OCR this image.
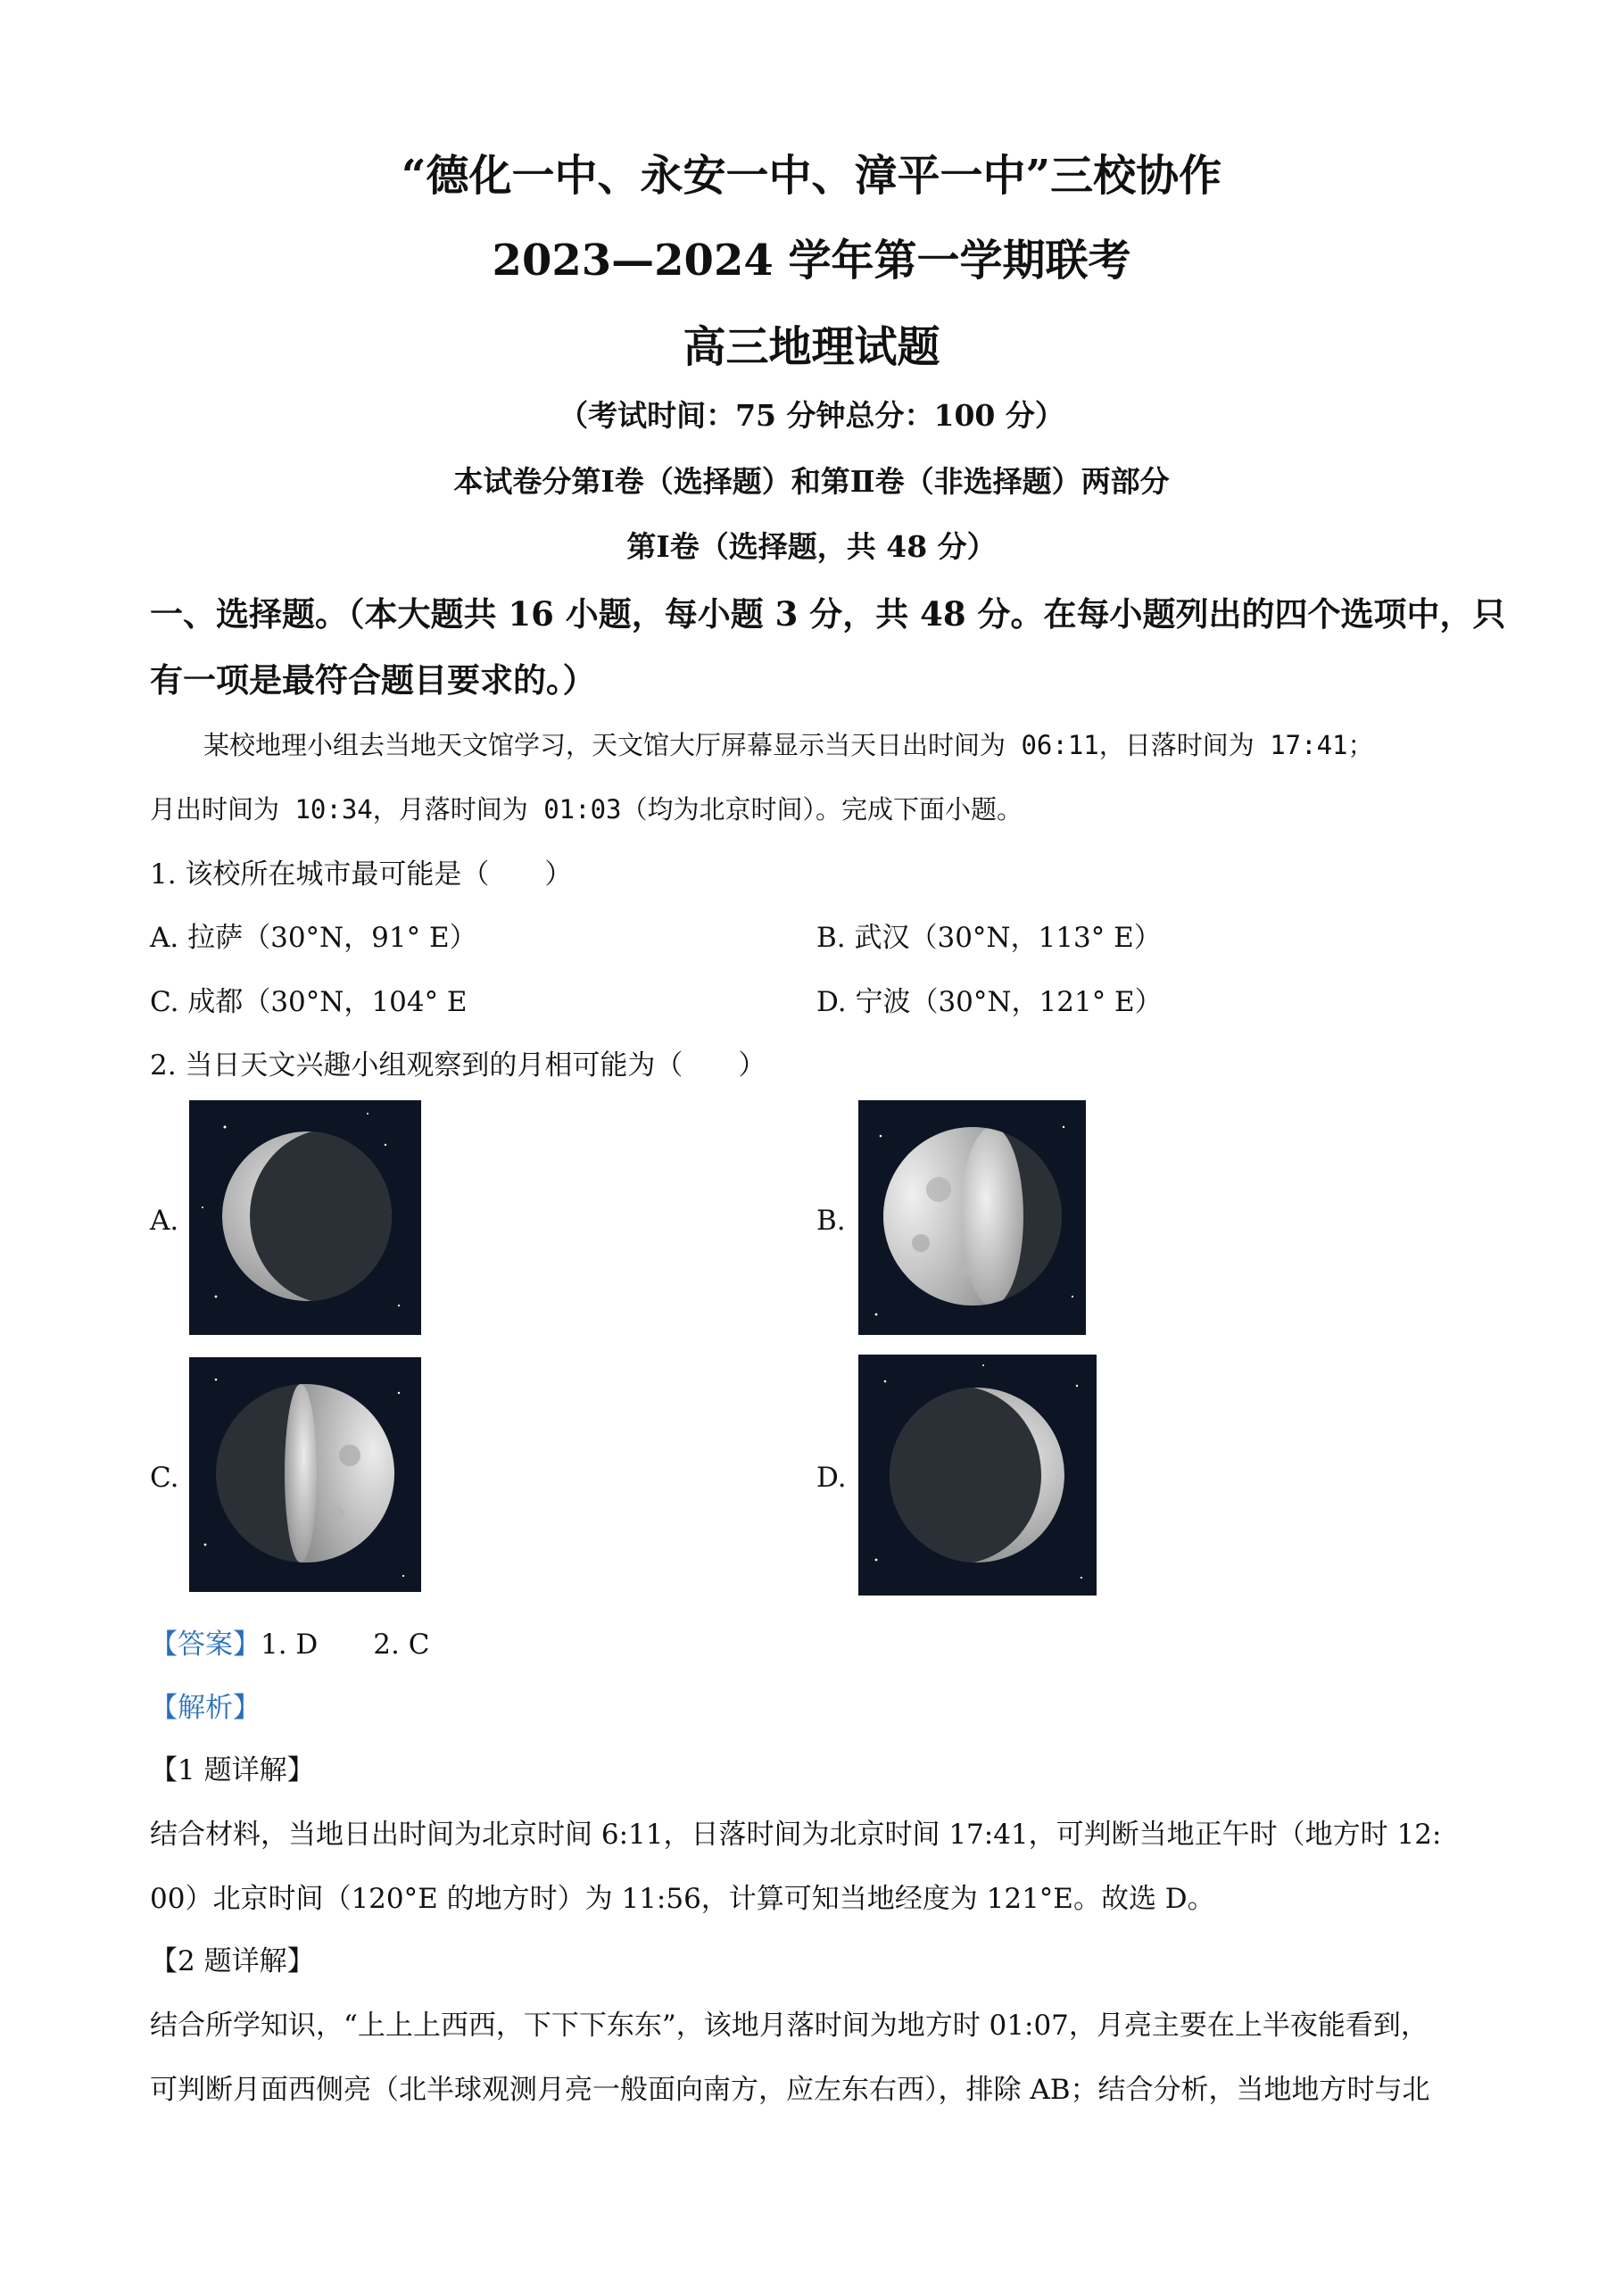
“德化一中、永安一中、漳平一中”三校协作
2023—2024 学年第一学期联考
高三地理试题
（考试时间：75 分钟总分：100 分）
本试卷分第Ⅰ卷（选择题）和第Ⅱ卷（非选择题）两部分
第Ⅰ卷（选择题，共 48 分）
一、选择题。（本大题共 16 小题，每小题 3 分，共 48 分。在每小题列出的四个选项中，只
有一项是最符合题目要求的。）
某校地理小组去当地天文馆学习，天文馆大厅屏幕显示当天日出时间为 06:11，日落时间为 17:41；
月出时间为 10:34，月落时间为 01:03（均为北京时间）。完成下面小题。
1. 该校所在城市最可能是（　　）
A. 拉萨（30°N，91° E）	B. 武汉（30°N，113° E）
C. 成都（30°N，104° E	D. 宁波（30°N，121° E）
2. 当日天文兴趣小组观察到的月相可能为（　　）
A.	B.
C.	D.
【答案】1. D　　2. C
【解析】
【1 题详解】
结合材料，当地日出时间为北京时间 6:11，日落时间为北京时间 17:41，可判断当地正午时（地方时 12:
00）北京时间（120°E 的地方时）为 11:56，计算可知当地经度为 121°E。故选 D。
【2 题详解】
结合所学知识，“上上上西西，下下下东东”，该地月落时间为地方时 01:07，月亮主要在上半夜能看到，
可判断月面西侧亮（北半球观测月亮一般面向南方，应左东右西），排除 AB；结合分析，当地地方时与北
